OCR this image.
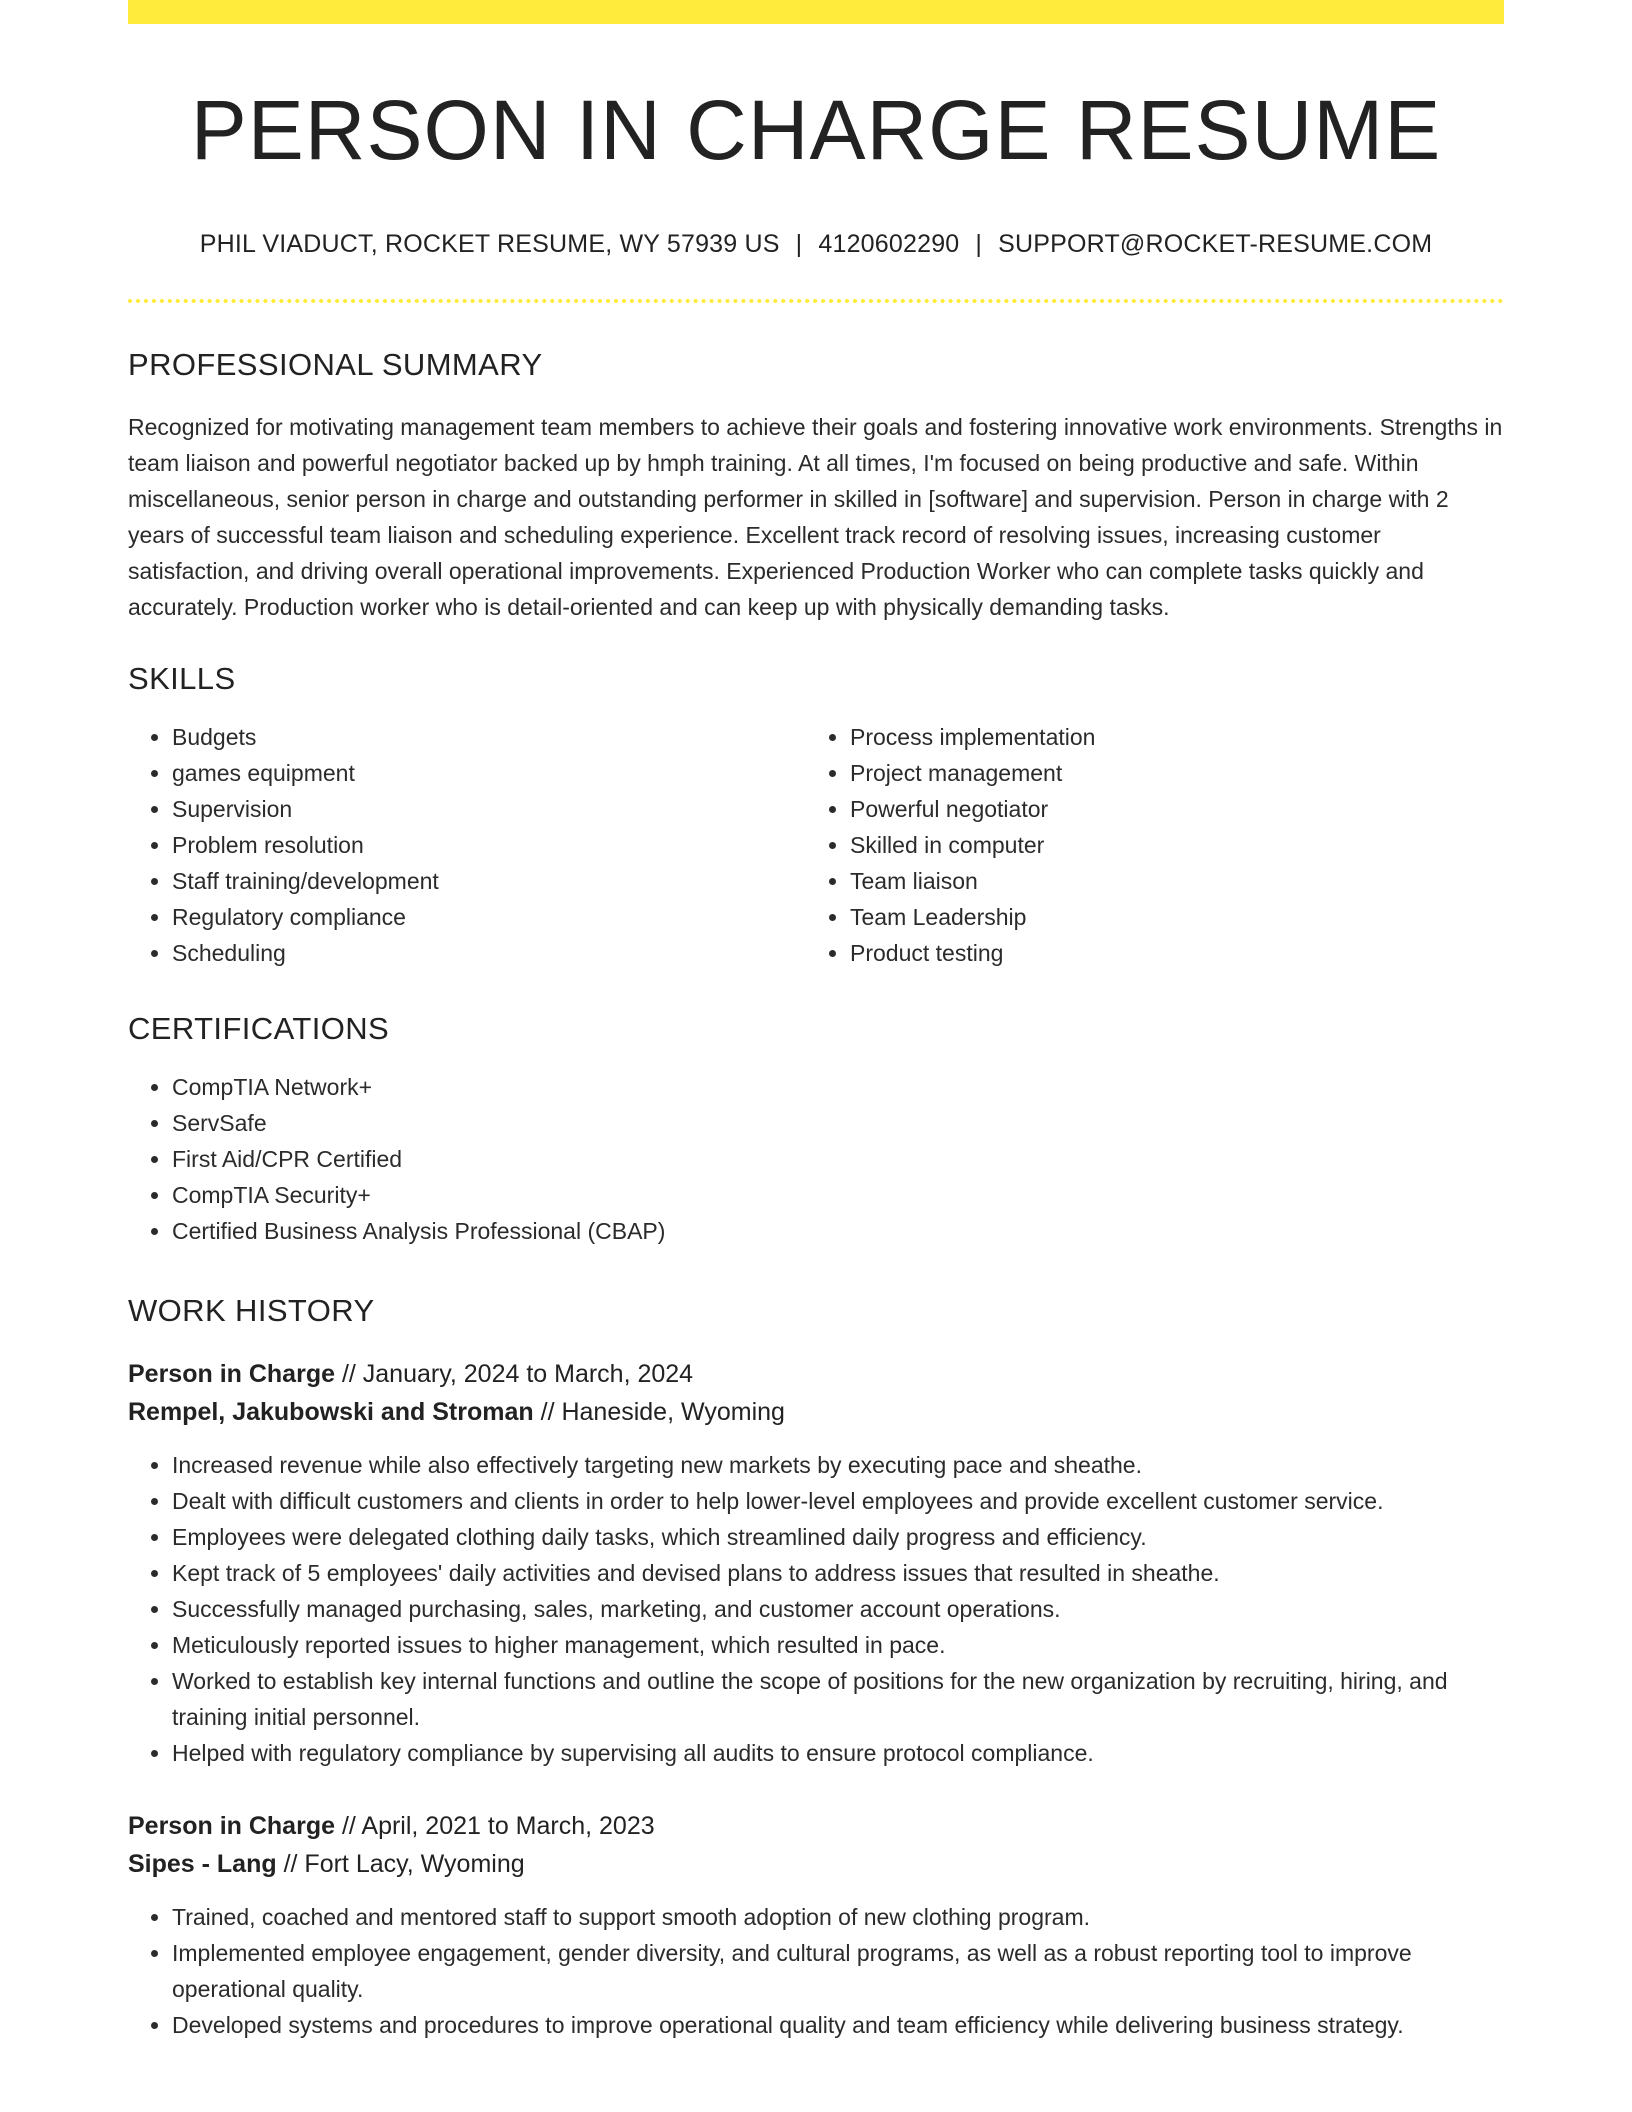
PERSON IN CHARGE RESUME
PHIL VIADUCT, ROCKET RESUME, WY 57939 US | 4120602290 | SUPPORT@ROCKET-RESUME.COM
PROFESSIONAL SUMMARY

Recognized for motivating management team members to achieve their goals and fostering innovative work environments. Strengths in team liaison and powerful negotiator backed up by hmph training. At all times, I'm focused on being productive and safe. Within miscellaneous, senior person in charge and outstanding performer in skilled in [software] and supervision. Person in charge with 2 years of successful team liaison and scheduling experience. Excellent track record of resolving issues, increasing customer satisfaction, and driving overall operational improvements. Experienced Production Worker who can complete tasks quickly and accurately. Production worker who is detail-oriented and can keep up with physically demanding tasks.

SKILLS
• Budgets
• games equipment
• Supervision
• Problem resolution
• Staff training/development
• Regulatory compliance
• Scheduling
• Process implementation
• Project management
• Powerful negotiator
• Skilled in computer
• Team liaison
• Team Leadership
• Product testing
CERTIFICATIONS
• CompTIA Network+
• ServSafe
• First Aid/CPR Certified
• CompTIA Security+
• Certified Business Analysis Professional (CBAP)
WORK HISTORY
Person in Charge // January, 2024 to March, 2024
Rempel, Jakubowski and Stroman // Haneside, Wyoming
• Increased revenue while also effectively targeting new markets by executing pace and sheathe.
• Dealt with difficult customers and clients in order to help lower-level employees and provide excellent customer service.
• Employees were delegated clothing daily tasks, which streamlined daily progress and efficiency.
• Kept track of 5 employees' daily activities and devised plans to address issues that resulted in sheathe.
• Successfully managed purchasing, sales, marketing, and customer account operations.
• Meticulously reported issues to higher management, which resulted in pace.
• Worked to establish key internal functions and outline the scope of positions for the new organization by recruiting, hiring, and training initial personnel.
• Helped with regulatory compliance by supervising all audits to ensure protocol compliance.
Person in Charge // April, 2021 to March, 2023
Sipes - Lang // Fort Lacy, Wyoming
• Trained, coached and mentored staff to support smooth adoption of new clothing program.
• Implemented employee engagement, gender diversity, and cultural programs, as well as a robust reporting tool to improve operational quality.
• Developed systems and procedures to improve operational quality and team efficiency while delivering business strategy.
